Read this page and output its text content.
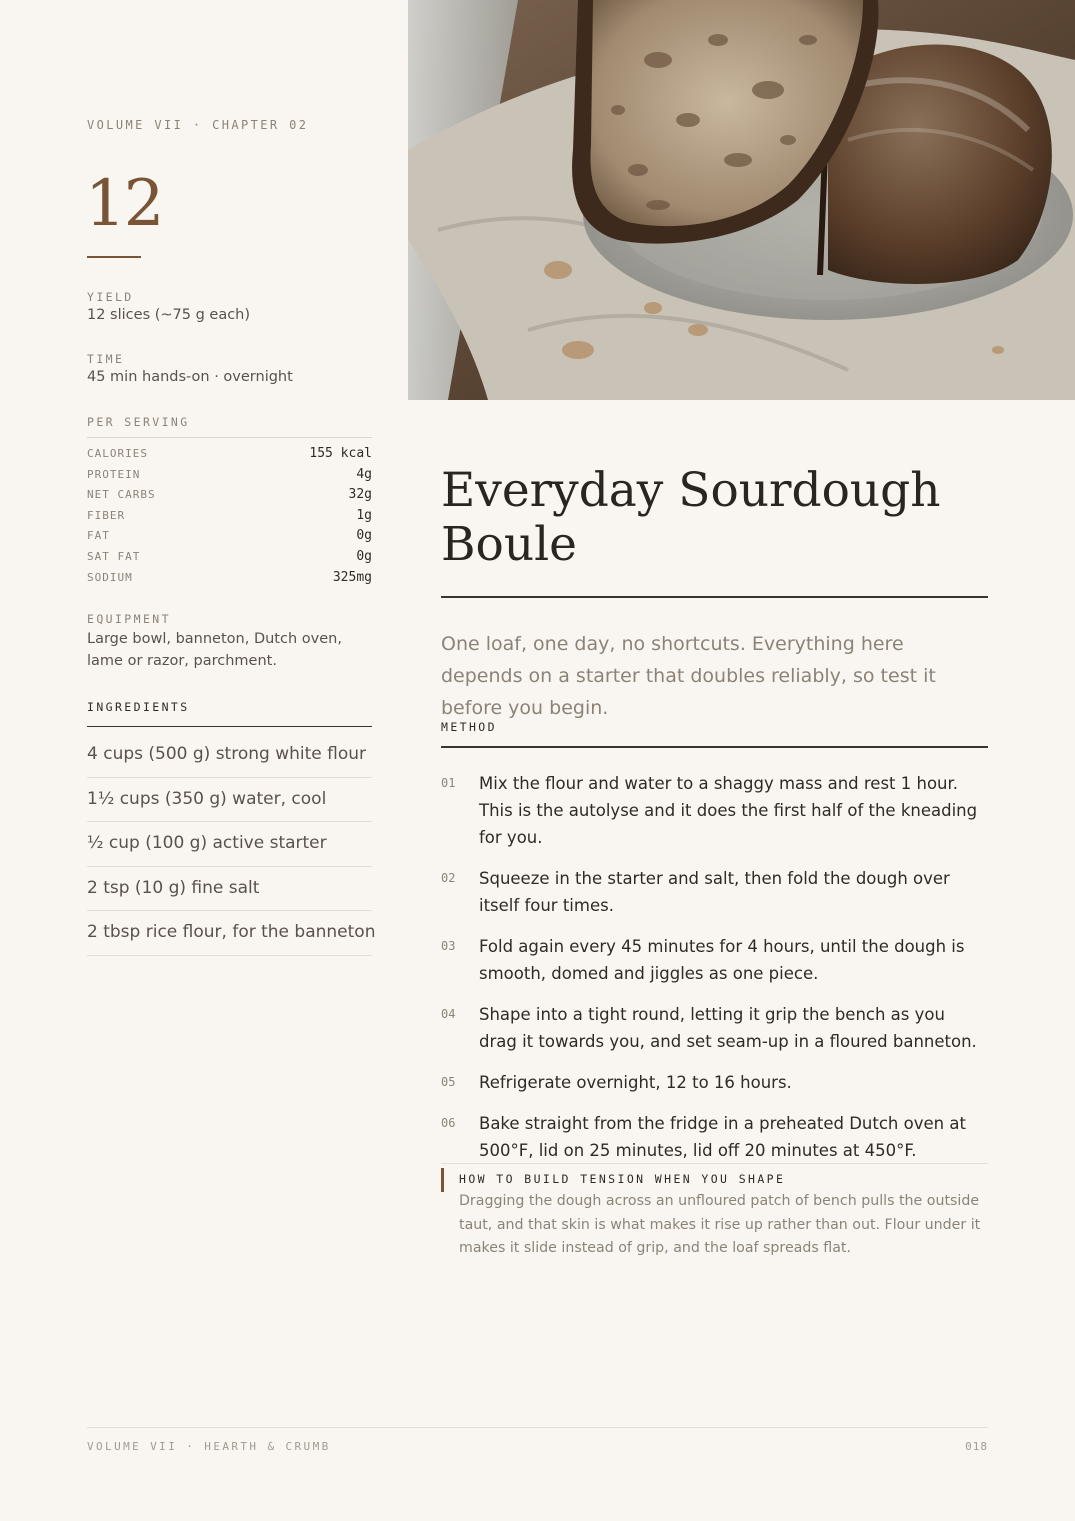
VOLUME VII · CHAPTER 02
12
YIELD
12 slices (~75 g each)
TIME
45 min hands-on · overnight
PER SERVING
CALORIES	155 kcal
PROTEIN	4g
NET CARBS	32g
FIBER	1g
FAT	0g
SAT FAT	0g
SODIUM	325mg
EQUIPMENT
Large bowl, banneton, Dutch oven, lame or razor, parchment.
INGREDIENTS
4 cups (500 g) strong white flour
1½ cups (350 g) water, cool
½ cup (100 g) active starter
2 tsp (10 g) fine salt
2 tbsp rice flour, for the banneton
Everyday Sourdough Boule

One loaf, one day, no shortcuts. Everything here depends on a starter that doubles reliably, so test it before you begin.

METHOD
01	Mix the flour and water to a shaggy mass and rest 1 hour. This is the autolyse and it does the first half of the kneading for you.
02	Squeeze in the starter and salt, then fold the dough over itself four times.
03	Fold again every 45 minutes for 4 hours, until the dough is smooth, domed and jiggles as one piece.
04	Shape into a tight round, letting it grip the bench as you drag it towards you, and set seam-up in a floured banneton.
05	Refrigerate overnight, 12 to 16 hours.
06	Bake straight from the fridge in a preheated Dutch oven at 500°F, lid on 25 minutes, lid off 20 minutes at 450°F.
HOW TO BUILD TENSION WHEN YOU SHAPE
Dragging the dough across an unfloured patch of bench pulls the outside taut, and that skin is what makes it rise up rather than out. Flour under it makes it slide instead of grip, and the loaf spreads flat.
VOLUME VII · HEARTH & CRUMB	018
